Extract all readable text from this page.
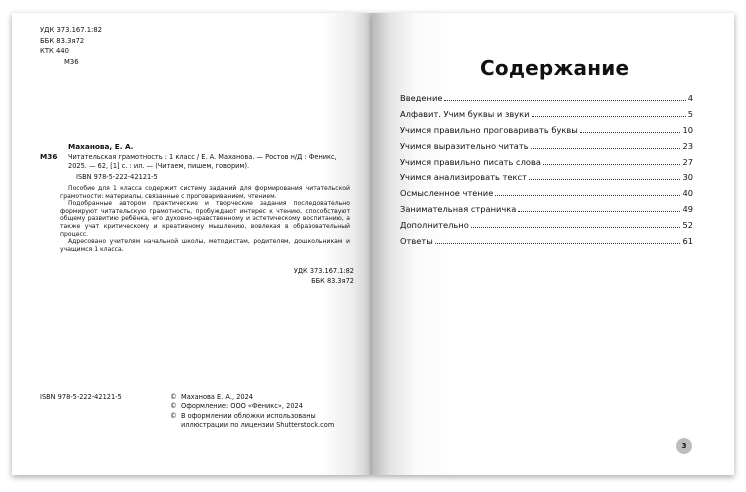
УДК 373.167.1:82
ББК 83.3я72
КТК 440
М36
Маханова, Е. А.
М36 Читательская грамотность : 1 класс / Е. А. Маханова. — Ростов н/Д : Феникс, 2025. — 62, [1] с. : ил. — (Читаем, пишем, говорим).
ISBN 978-5-222-42121-5

Пособие для 1 класса содержит систему заданий для формирования читательской грамотности: материалы, связанные с проговариванием, чтением.

Подобранные автором практические и творческие задания последовательно формируют читательскую грамотность, пробуждают интерес к чтению, способствуют общему развитию ребёнка, его духовно-нравственному и эстетическому воспитанию, а также учат критическому и креативному мышлению, вовлекая в образовательный процесс.

Адресовано учителям начальной школы, методистам, родителям, дошкольникам и учащимся 1 класса.

УДК 373.167.1:82
ББК 83.3я72
ISBN 978-5-222-42121-5	© Маханова Е. А., 2024
© Оформление: ООО «Феникс», 2024
© В оформлении обложки использованы
иллюстрации по лицензии Shutterstock.com
Содержание
Введение	4
Алфавит. Учим буквы и звуки	5
Учимся правильно проговаривать буквы	10
Учимся выразительно читать	23
Учимся правильно писать слова	27
Учимся анализировать текст	30
Осмысленное чтение	40
Занимательная страничка	49
Дополнительно	52
Ответы	61
3
